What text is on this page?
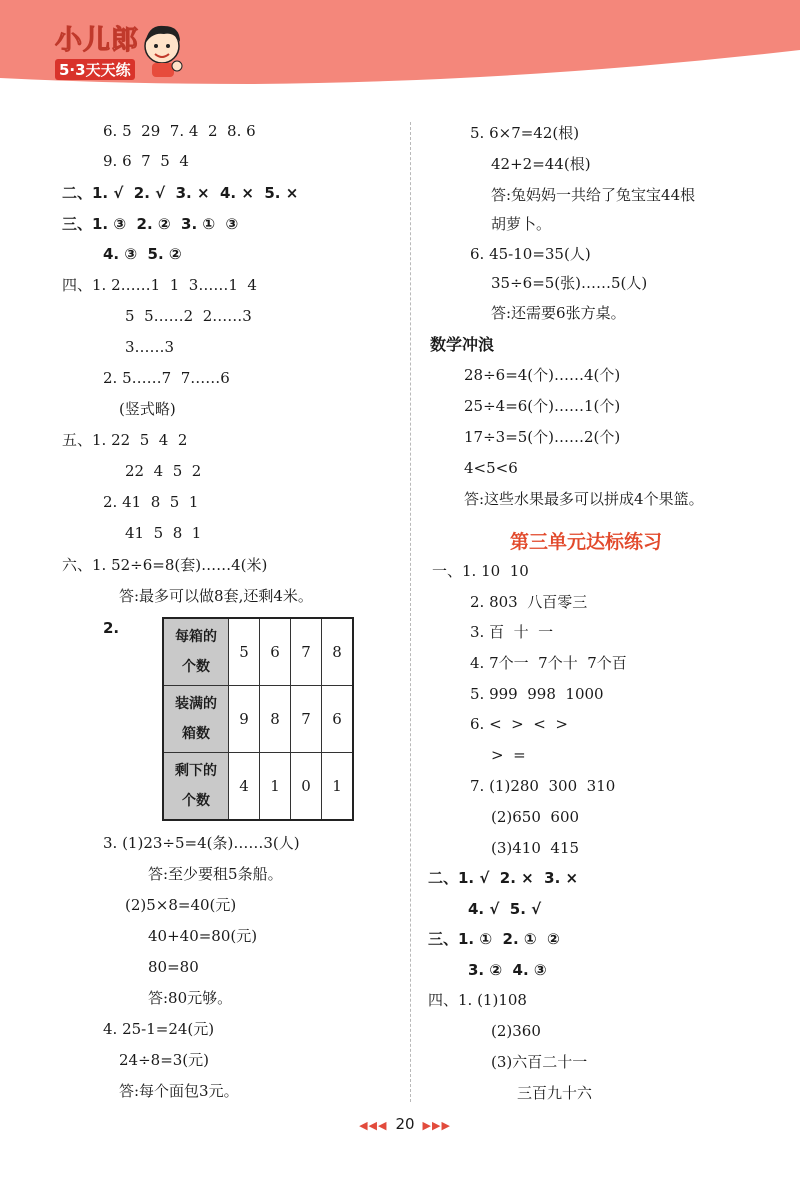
小儿郎
5·3天天练
6. 5  29  7. 4  2  8. 6
9. 6  7  5  4
二、1. √  2. √  3. ×  4. ×  5. ×
三、1. ③  2. ②  3. ①  ③
4. ③  5. ②
四、1. 2……1  1  3……1  4
5  5……2  2……3
3……3
2. 5……7  7……6
(竖式略)
五、1. 22  5  4  2
22  4  5  2
2. 41  8  5  1
41  5  8  1
六、1. 52÷6=8(套)……4(米)
答:最多可以做8套,还剩4米。
2.	每箱的
个数	5	6	7	8
装满的
箱数	9	8	7	6
剩下的
个数	4	1	0	1
3. (1)23÷5=4(条)……3(人)
答:至少要租5条船。
(2)5×8=40(元)
40+40=80(元)
80=80
答:80元够。
4. 25-1=24(元)
24÷8=3(元)
答:每个面包3元。
5. 6×7=42(根)
42+2=44(根)
答:兔妈妈一共给了兔宝宝44根
胡萝卜。
6. 45-10=35(人)
35÷6=5(张)……5(人)
答:还需要6张方桌。
数学冲浪
28÷6=4(个)……4(个)
25÷4=6(个)……1(个)
17÷3=5(个)……2(个)
4<5<6
答:这些水果最多可以拼成4个果篮。
第三单元达标练习
一、1. 10  10
2. 803  八百零三
3. 百  十  一
4. 7个一  7个十  7个百
5. 999  998  1000
6. <  >  <  >
>  =
7. (1)280  300  310
(2)650  600
(3)410  415
二、1. √  2. ×  3. ×
4. √  5. √
三、1. ①  2. ①  ②
3. ②  4. ③
四、1. (1)108
(2)360
(3)六百二十一
三百九十六
◀◀◀ 20 ▶▶▶
